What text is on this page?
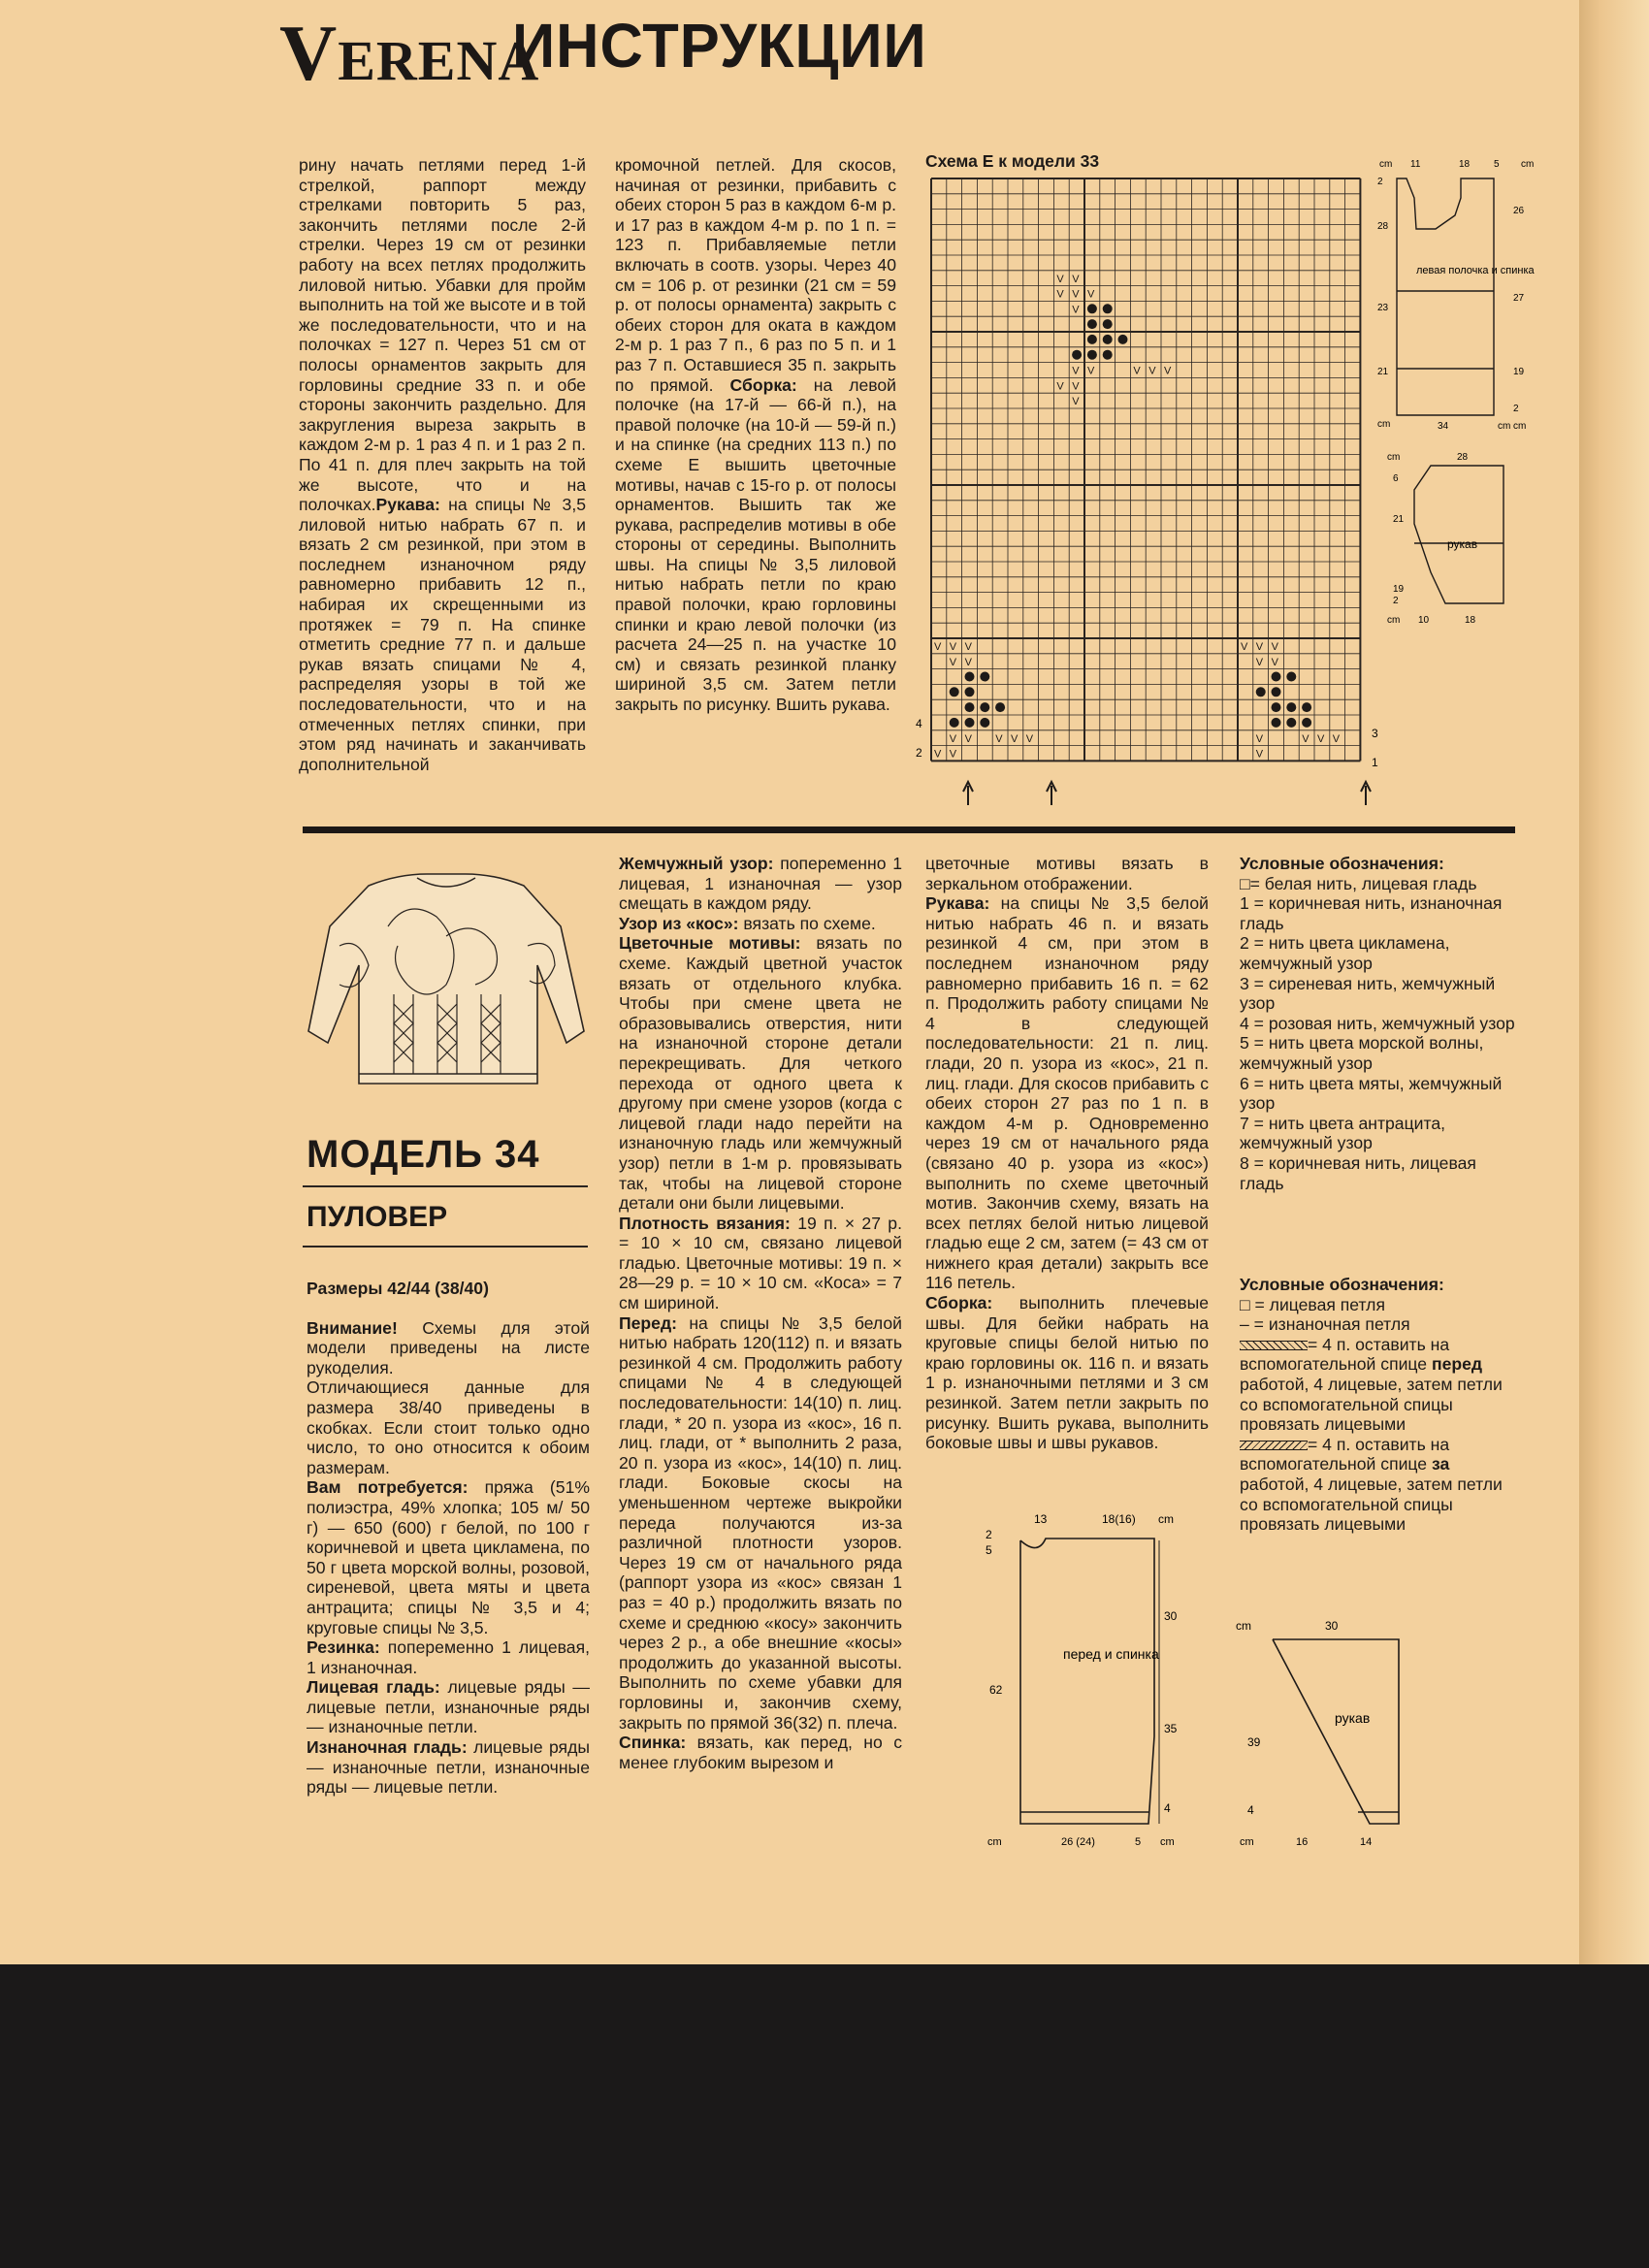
VERENA
ИНСТРУКЦИИ

рину начать петлями перед 1-й стрелкой, раппорт между стрелками повторить 5 раз, закончить петлями после 2-й стрелки. Через 19 см от резинки работу на всех петлях продолжить лиловой нитью. Убавки для пройм выполнить на той же высоте и в той же последовательности, что и на полочках = 127 п. Через 51 см от полосы орнаментов закрыть для горловины средние 33 п. и обе стороны закончить раздельно. Для закругления выреза закрыть в каждом 2-м р. 1 раз 4 п. и 1 раз 2 п. По 41 п. для плеч закрыть на той же высоте, что и на полочках.Рукава: на спицы № 3,5 лиловой нитью набрать 67 п. и вязать 2 см резинкой, при этом в последнем изнаночном ряду равномерно прибавить 12 п., набирая их скрещенными из протяжек = 79 п. На спинке отметить средние 77 п. и дальше рукав вязать спицами № 4, распределяя узоры в той же последовательности, что и на отмеченных петлях спинки, при этом ряд начинать и заканчивать дополнительной

кромочной петлей. Для скосов, начиная от резинки, прибавить с обеих сторон 5 раз в каждом 6-м р. и 17 раз в каждом 4-м р. по 1 п. = 123 п. Прибавляемые петли включать в соотв. узоры. Через 40 см = 106 р. от резинки (21 см = 59 р. от полосы орнамента) закрыть с обеих сторон для оката в каждом 2-м р. 1 раз 7 п., 6 раз по 5 п. и 1 раз 7 п. Оставшиеся 35 п. закрыть по прямой. Сборка: на левой полочке (на 17-й — 66-й п.), на правой полочке (на 10-й — 59-й п.) и на спинке (на средних 113 п.) по схеме Е вышить цветочные мотивы, начав с 15-го р. от полосы орнаментов. Вышить так же рукава, распределив мотивы в обе стороны от середины. Выполнить швы. На спицы № 3,5 лиловой нитью набрать петли по краю правой полочки, краю горловины спинки и краю левой полочки (из расчета 24—25 п. на участке 10 см) и связать резинкой планку шириной 3,5 см. Затем петли закрыть по рисунку. Вшить рукава.

Схема Е к модели 33
V V
V V V
V
V	V V V
V
V V
V
V V V
V V
V V V V V
V V
V V V
V V
V	V V V
V
4
2
3
1
левая полочка и спинка
рукав
cm 11	18 5 cm
2
28
23
21
cm
26
27
19
2
cm
34	cm
cm	28
6
21
19
2
cm 10	18
МОДЕЛЬ 34
ПУЛОВЕР

Размеры 42/44 (38/40)

Внимание! Схемы для этой модели приведены на листе рукоделия.

Отличающиеся данные для размера 38/40 приведены в скобках. Если стоит только одно число, то оно относится к обоим размерам.

Вам потребуется: пряжа (51% полиэстра, 49% хлопка; 105 м/ 50 г) — 650 (600) г белой, по 100 г коричневой и цвета цикламена, по 50 г цвета морской волны, розовой, сиреневой, цвета мяты и цвета антрацита; спицы № 3,5 и 4; круговые спицы № 3,5.

Резинка: попеременно 1 лицевая, 1 изнаночная.

Лицевая гладь: лицевые ряды — лицевые петли, изнаночные ряды — изнаночные петли.

Изнаночная гладь: лицевые ряды — изнаночные петли, изнаночные ряды — лицевые петли.

Жемчужный узор: попеременно 1 лицевая, 1 изнаночная — узор смещать в каждом ряду.

Узор из «кос»: вязать по схеме.

Цветочные мотивы: вязать по схеме. Каждый цветной участок вязать от отдельного клубка. Чтобы при смене цвета не образовывались отверстия, нити на изнаночной стороне детали перекрещивать. Для четкого перехода от одного цвета к другому при смене узоров (когда с лицевой глади надо перейти на изнаночную гладь или жемчужный узор) петли в 1-м р. провязывать так, чтобы на лицевой стороне детали они были лицевыми.

Плотность вязания: 19 п. × 27 р. = 10 × 10 см, связано лицевой гладью. Цветочные мотивы: 19 п. × 28—29 р. = 10 × 10 см. «Коса» = 7 см шириной.

Перед: на спицы № 3,5 белой нитью набрать 120(112) п. и вязать резинкой 4 см. Продолжить работу спицами № 4 в следующей последовательности: 14(10) п. лиц. глади, * 20 п. узора из «кос», 16 п. лиц. глади, от * выполнить 2 раза, 20 п. узора из «кос», 14(10) п. лиц. глади. Боковые скосы на уменьшенном чертеже выкройки переда получаются из-за различной плотности узоров. Через 19 см от начального ряда (раппорт узора из «кос» связан 1 раз = 40 р.) продолжить вязать по схеме и среднюю «косу» закончить через 2 р., а обе внешние «косы» продолжить до указанной высоты. Выполнить по схеме убавки для горловины и, закончив схему, закрыть по прямой 36(32) п. плеча.

Спинка: вязать, как перед, но с менее глубоким вырезом и

цветочные мотивы вязать в зеркальном отображении.

Рукава: на спицы № 3,5 белой нитью набрать 46 п. и вязать резинкой 4 см, при этом в последнем изнаночном ряду равномерно прибавить 16 п. = 62 п. Продолжить работу спицами № 4 в следующей последовательности: 21 п. лиц. глади, 20 п. узора из «кос», 21 п. лиц. глади. Для скосов прибавить с обеих сторон 27 раз по 1 п. в каждом 4-м р. Одновременно через 19 см от начального ряда (связано 40 р. узора из «кос») выполнить по схеме цветочный мотив. Закончив схему, вязать на всех петлях белой нитью лицевой гладью еще 2 см, затем (= 43 см от нижнего края детали) закрыть все 116 петель.

Сборка: выполнить плечевые швы. Для бейки набрать на круговые спицы белой нитью по краю горловины ок. 116 п. и вязать 1 р. изнаночными петлями и 3 см резинкой. Затем петли закрыть по рисунку. Вшить рукава, выполнить боковые швы и швы рукавов.

Условные обозначения:

□= белая нить, лицевая гладь

1 = коричневая нить, изнаночная гладь

2 = нить цвета цикламена, жемчужный узор

3 = сиреневая нить, жемчужный узор

4 = розовая нить, жемчужный узор

5 = нить цвета морской волны, жемчужный узор

6 = нить цвета мяты, жемчужный узор

7 = нить цвета антрацита, жемчужный узор

8 = коричневая нить, лицевая гладь

Условные обозначения:

□ = лицевая петля

– = изнаночная петля

= 4 п. оставить на вспомогательной спице перед работой, 4 лицевые, затем петли со вспомогательной спицы провязать лицевыми

= 4 п. оставить на вспомогательной спице за работой, 4 лицевые, затем петли со вспомогательной спицы провязать лицевыми

перед и спинка
2
5
13	18(16) cm
30
35
4
62
cm	26 (24)	5 cm
рукав
cm	30
39
4
cm	16	14
